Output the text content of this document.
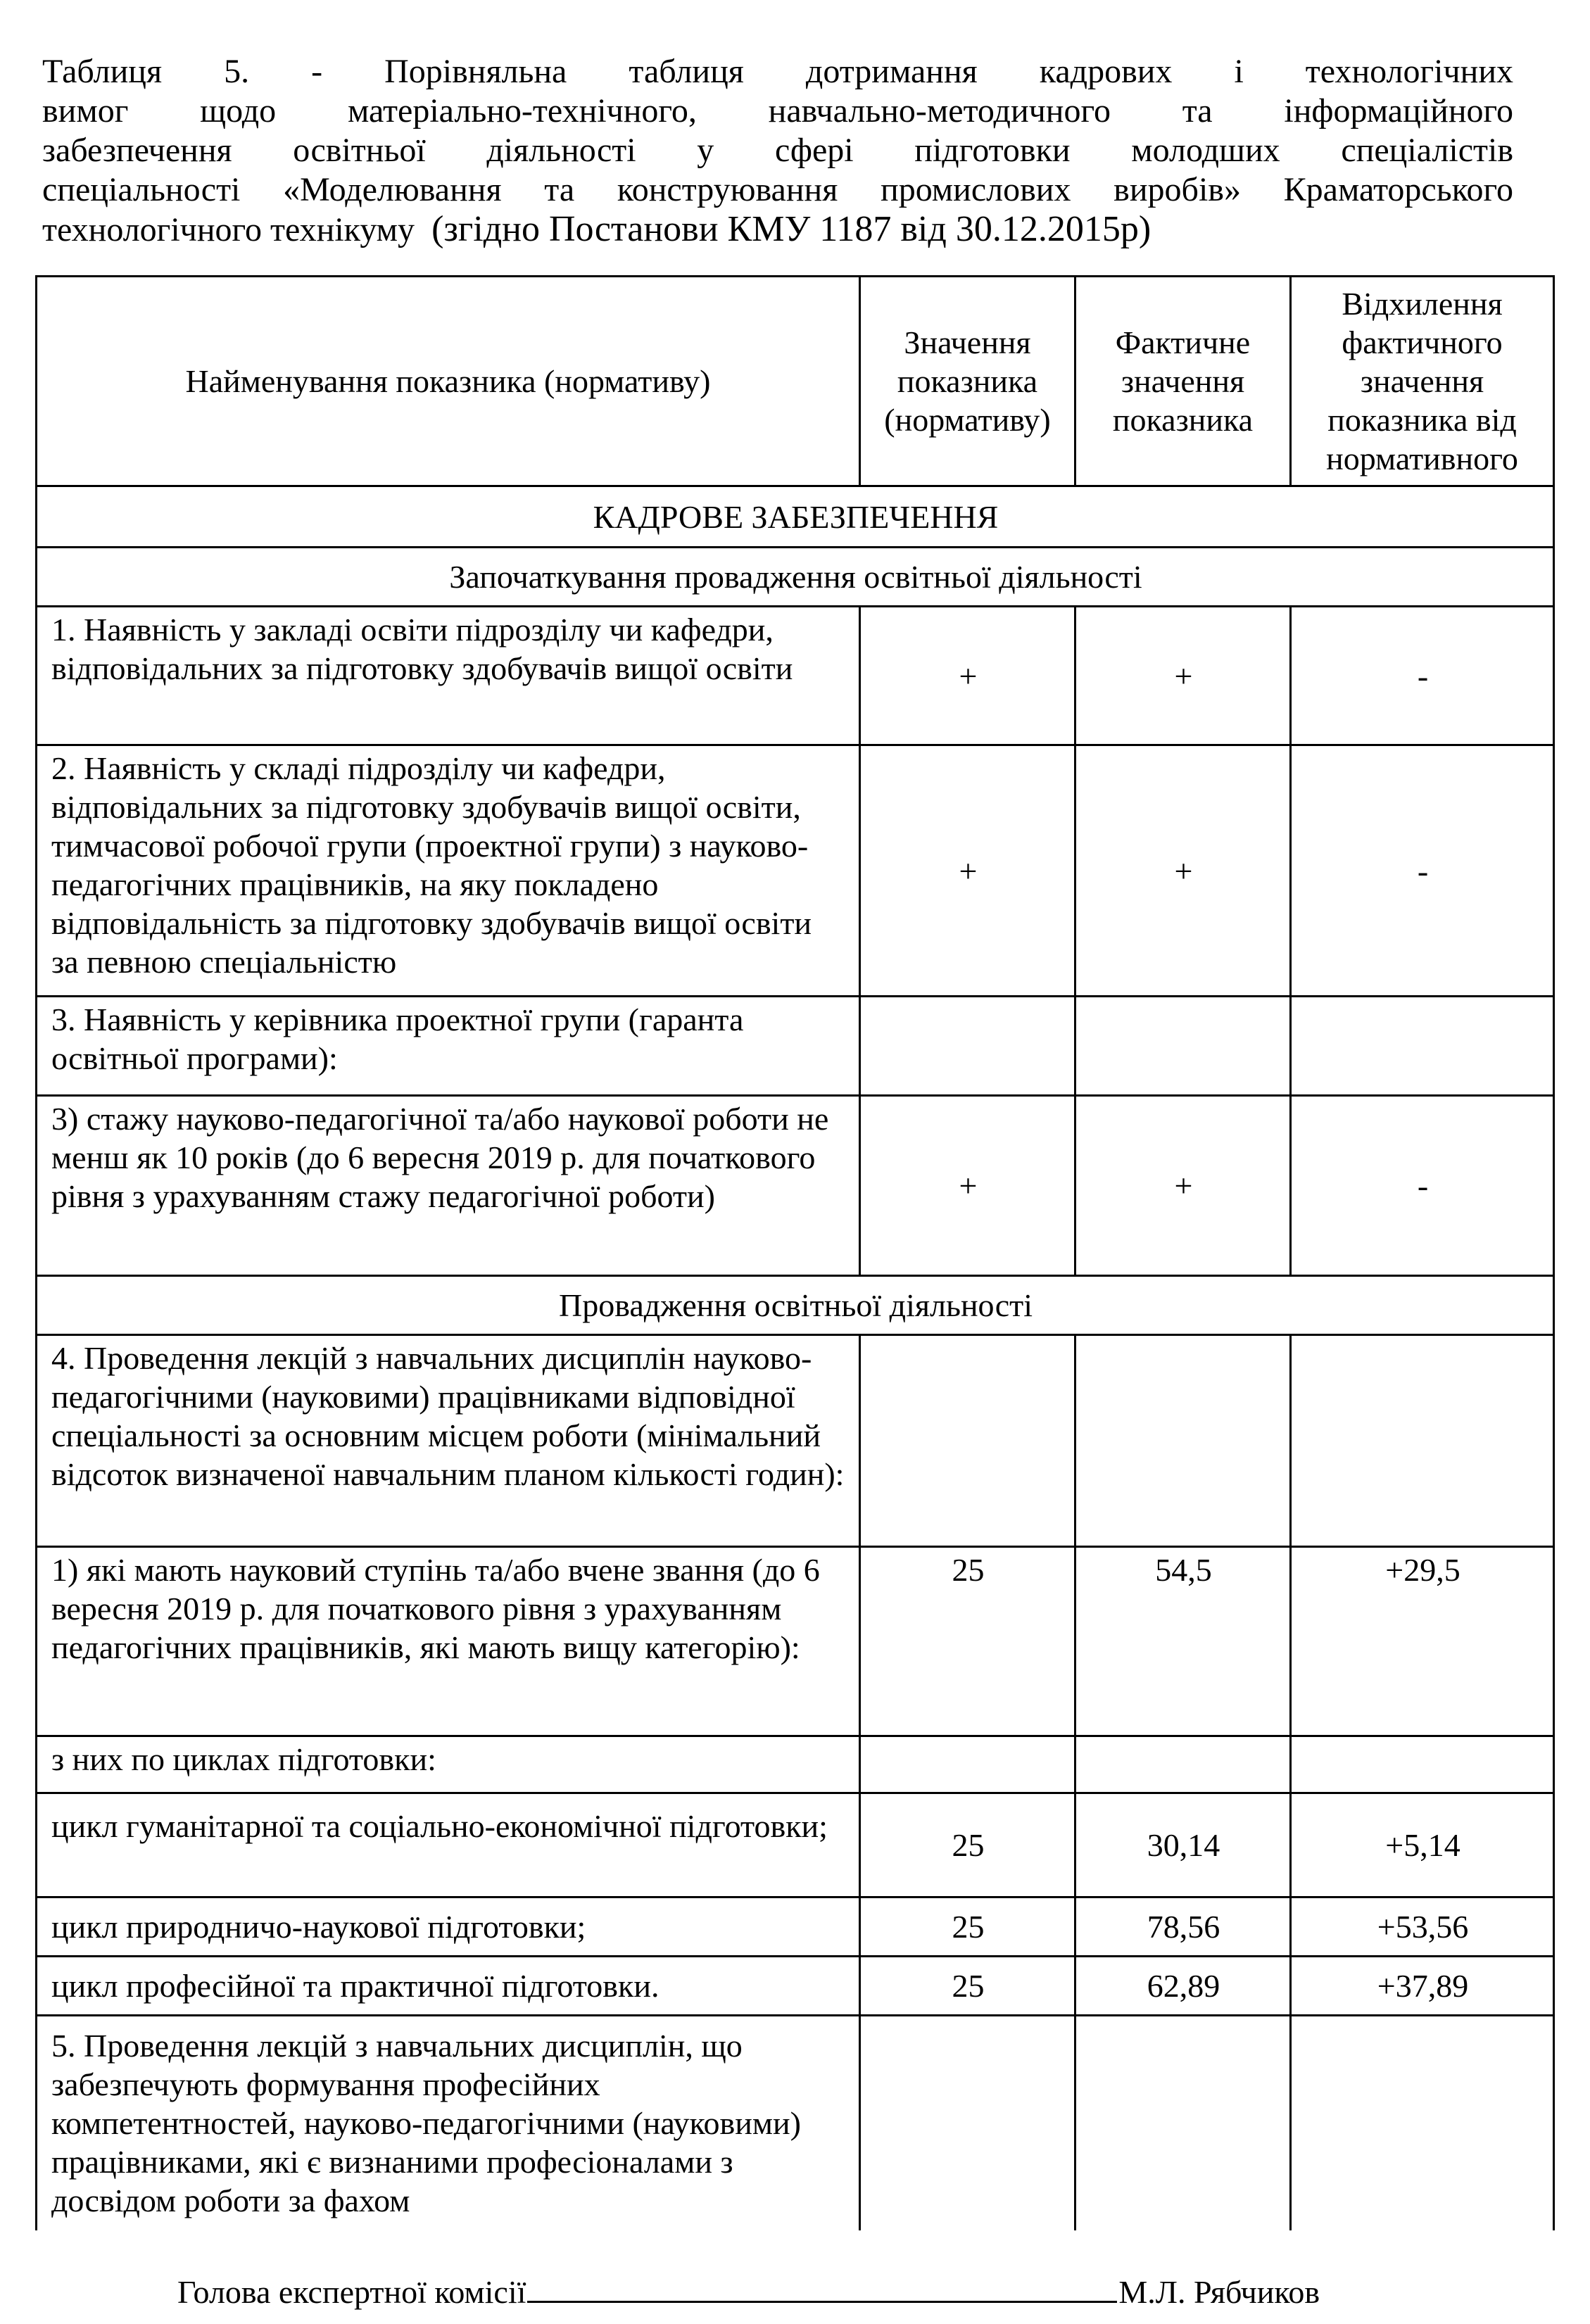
Таблиця 5. - Порівняльна таблиця дотримання кадрових і технологічних
вимог щодо матеріально-технічного, навчально-методичного та інформаційного
забезпечення освітньої діяльності у сфері підготовки молодших спеціалістів
спеціальності «Моделювання та конструювання промислових виробів» Краматорського
технологічного технікуму (згідно Постанови КМУ 1187 від 30.12.2015р)
Найменування показника (нормативу)	Значення показника (нормативу)	Фактичне значення показника	Відхилення фактичного значення показника від нормативного
КАДРОВЕ ЗАБЕЗПЕЧЕННЯ			
Започаткування провадження освітньої діяльності			
1. Наявність у закладі освіти підрозділу чи кафедри, відповідальних за підготовку здобувачів вищої освіти	+	+	-
2. Наявність у складі підрозділу чи кафедри, відповідальних за підготовку здобувачів вищої освіти, тимчасової робочої групи (проектної групи) з науково-педагогічних працівників, на яку покладено відповідальність за підготовку здобувачів вищої освіти за певною спеціальністю	+	+	-
3. Наявність у керівника проектної групи (гаранта освітньої програми):			
3) стажу науково-педагогічної та/або наукової роботи не менш як 10 років (до 6 вересня 2019 р. для початкового рівня з урахуванням стажу педагогічної роботи)	+	+	-
Провадження освітньої діяльності			
4. Проведення лекцій з навчальних дисциплін науково-педагогічними (науковими) працівниками відповідної спеціальності за основним місцем роботи (мінімальний відсоток визначеної навчальним планом кількості годин):			
1) які мають науковий ступінь та/або вчене звання (до 6 вересня 2019 р. для початкового рівня з урахуванням педагогічних працівників, які мають вищу категорію):	25	54,5	+29,5
з них по циклах підготовки:			
цикл гуманітарної та соціально-економічної підготовки;	25	30,14	+5,14
цикл природничо-наукової підготовки;	25	78,56	+53,56
цикл професійної та практичної підготовки.	25	62,89	+37,89
5. Проведення лекцій з навчальних дисциплін, що забезпечують формування професійних компетентностей, науково-педагогічними (науковими) працівниками, які є визнаними професіоналами з досвідом роботи за фахом			
Голова експертної комісії	М.Л. Рябчиков
